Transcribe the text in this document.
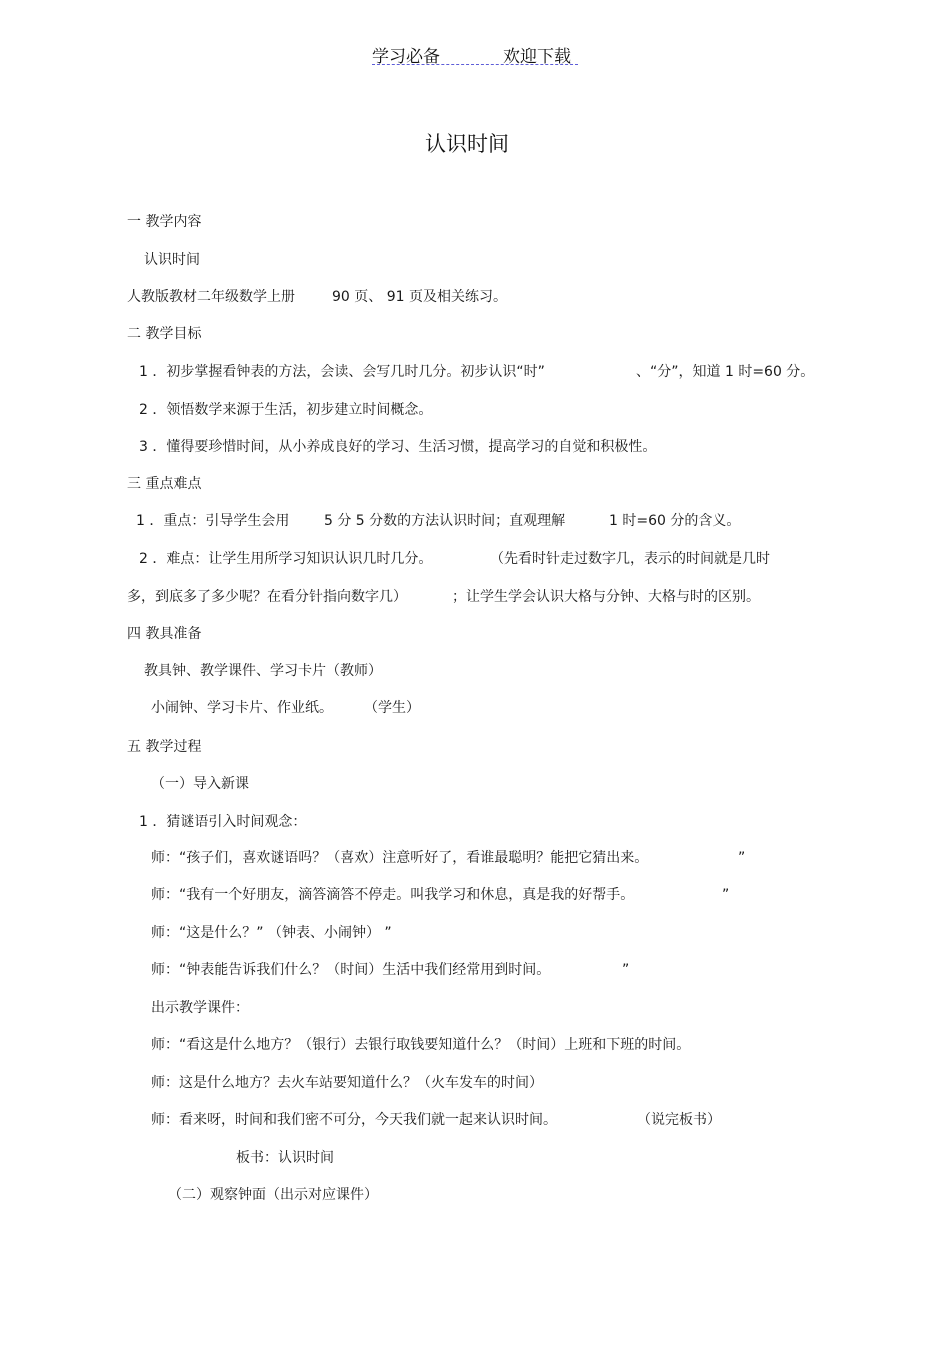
学习必备	欢迎下载
认识时间
一 教学内容
认识时间
人教版教材二年级数学上册	90 页、 91 页及相关练习。
二 教学目标
1 ．初步掌握看钟表的方法，会读、会写几时几分。初步认识“时”	、“分”，知道 1 时=60 分。
2 ．领悟数学来源于生活，初步建立时间概念。
3 ．懂得要珍惜时间，从小养成良好的学习、生活习惯，提高学习的自觉和积极性。
三 重点难点
1 ．重点：引导学生会用 5 分 5 分数的方法认识时间；直观理解	1 时=60 分的含义。
2 ．难点：让学生用所学习知识认识几时几分。	（先看时针走过数字几，表示的时间就是几时
多，到底多了多少呢？在看分针指向数字几）	；让学生学会认识大格与分钟、大格与时的区别。
四 教具准备
教具钟、教学课件、学习卡片（教师）
小闹钟、学习卡片、作业纸。 （学生）
五 教学过程
（一）导入新课
1 ．猜谜语引入时间观念：
师：“孩子们，喜欢谜语吗？（喜欢）注意听好了，看谁最聪明？能把它猜出来。	”
师：“我有一个好朋友，滴答滴答不停走。叫我学习和休息，真是我的好帮手。	”
师：“这是什么？” （钟表、小闹钟） ”
师：“钟表能告诉我们什么？（时间）生活中我们经常用到时间。	”
出示教学课件：
师：“看这是什么地方？（银行）去银行取钱要知道什么？（时间）上班和下班的时间。
师：这是什么地方？去火车站要知道什么？（火车发车的时间）
师：看来呀，时间和我们密不可分，今天我们就一起来认识时间。	（说完板书）
板书：认识时间
（二）观察钟面（出示对应课件）
